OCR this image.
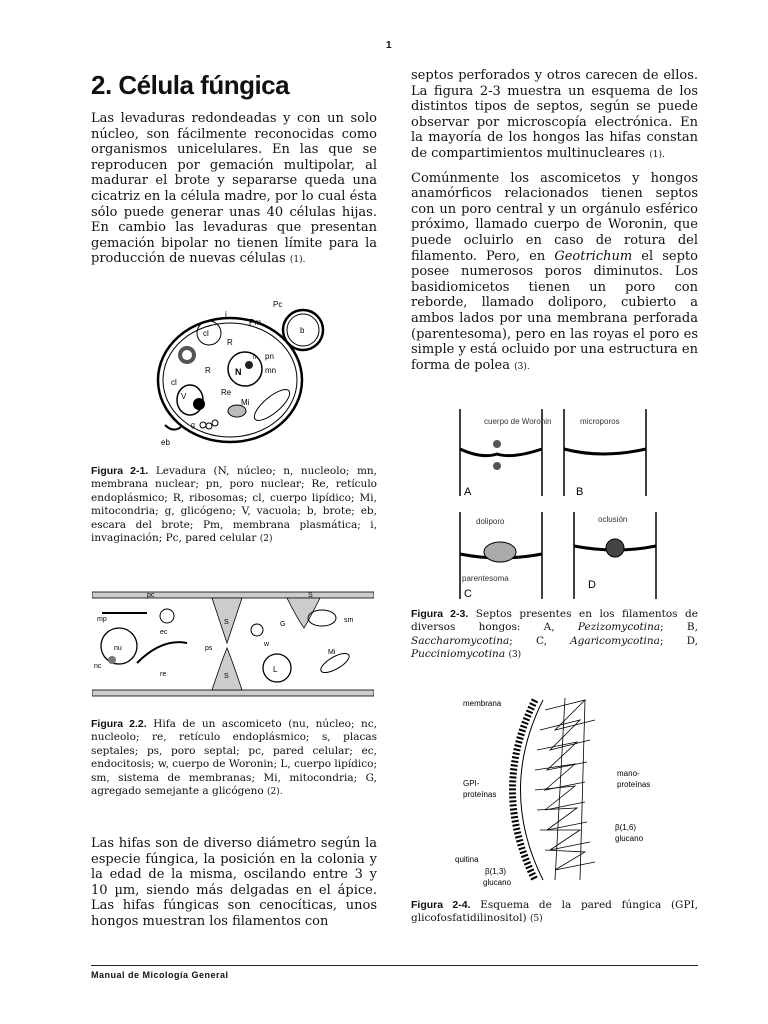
1
2. Célula fúngica

Las levaduras redondeadas y con un solo núcleo, son fácilmente reconocidas como organismos unicelulares. En las que se reproducen por gemación multipolar, al madurar el brote y separarse queda una cicatriz en la célula madre, por lo cual ésta sólo puede generar unas 40 células hijas. En cambio las levaduras que presentan gemación bipolar no tienen límite para la producción de nuevas células (1).

Pc
Pm
i
cl	b
R
n pn
N	mn
R
Re
Mi
V
cl
g
eb
Figura 2-1. Levadura (N, núcleo; n, nucleolo; mn, membrana nuclear; pn, poro nuclear; Re, retículo endoplásmico; R, ribosomas; cl, cuerpo lipídico; Mi, mitocondria; g, glicógeno; V, vacuola; b, brote; eb, escara del brote; Pm, membrana plasmática; i, invaginación; Pc, pared celular (2)
pc	S
mp
ec
G
sm
nu
nc
re
ps
w
S
L
Mi
S
Figura 2.2. Hifa de un ascomiceto (nu, núcleo; nc, nucleolo; re, retículo endoplásmico; s, placas septales; ps, poro septal; pc, pared celular; ec, endocitosis; w, cuerpo de Woronin; L, cuerpo lipídico; sm, sistema de membranas; Mi, mitocondria; G, agregado semejante a glicógeno (2).

Las hifas son de diverso diámetro según la especie fúngica, la posición en la colonia y la edad de la misma, oscilando entre 3 y 10 µm, siendo más delgadas en el ápice. Las hifas fúngicas son cenocíticas, unos hongos muestran los filamentos con

septos perforados y otros carecen de ellos. La figura 2-3 muestra un esquema de los distintos tipos de septos, según se puede observar por microscopía electrónica. En la mayoría de los hongos las hifas constan de compartimientos multinucleares (1).

Comúnmente los ascomicetos y hongos anamórficos relacionados tienen septos con un poro central y un orgánulo esférico próximo, llamado cuerpo de Woronin, que puede ocluirlo en caso de rotura del filamento. Pero, en Geotrichum el septo posee numerosos poros diminutos. Los basidiomicetos tienen un poro con reborde, llamado doliporo, cubierto a ambos lados por una membrana perforada (parentesoma), pero en las royas el poro es simple y está ocluido por una estructura en forma de polea (3).

cuerpo de Woronin	microporos
A	B
doliporo	oclusión
parentesoma
C
D
Figura 2-3. Septos presentes en los filamentos de diversos hongos: A, Pezizomycotina; B, Saccharomycotina; C, Agaricomycotina; D, Pucciniomycotina (3)
membrana
GPI-
proteínas
mano-
proteínas
β(1,6)
glucano
quitina
β(1,3)
glucano
Figura 2-4. Esquema de la pared fúngica (GPI, glicofosfatidilinositol) (5)
Manual de Micología General
